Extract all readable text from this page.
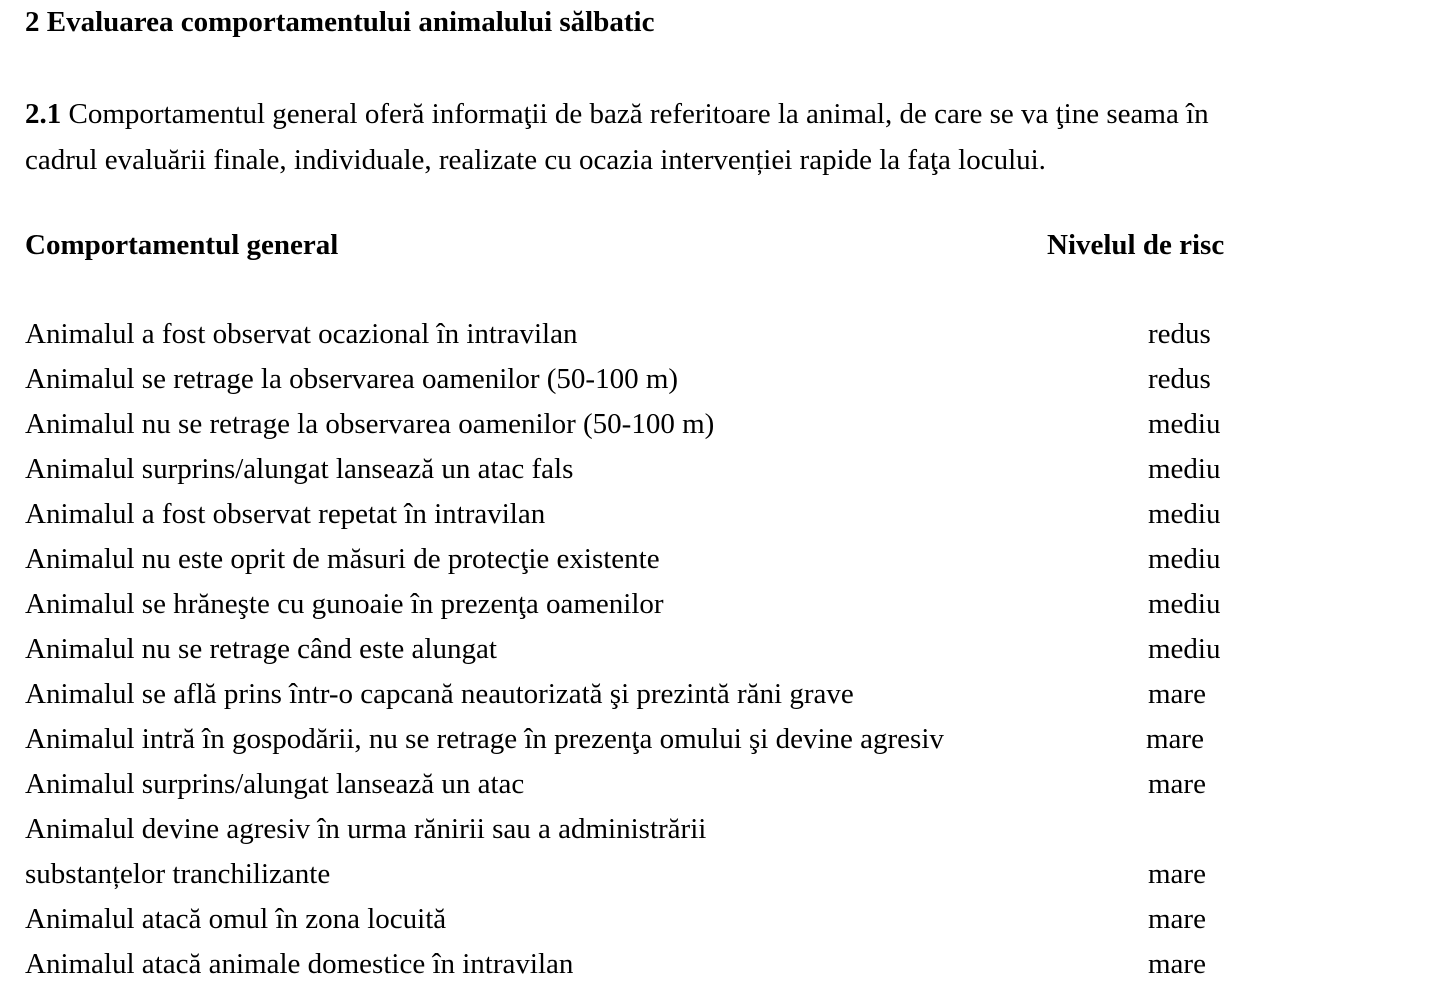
2 Evaluarea comportamentului animalului sălbatic
2.1 Comportamentul general oferă informaţii de bază referitoare la animal, de care se va ţine seama în
cadrul evaluării finale, individuale, realizate cu ocazia intervenției rapide la faţa locului.
Comportamentul general	Nivelul de risc
Animalul a fost observat ocazional în intravilan	redus
Animalul se retrage la observarea oamenilor (50-100 m)	redus
Animalul nu se retrage la observarea oamenilor (50-100 m)	mediu
Animalul surprins/alungat lansează un atac fals	mediu
Animalul a fost observat repetat în intravilan	mediu
Animalul nu este oprit de măsuri de protecţie existente	mediu
Animalul se hrăneşte cu gunoaie în prezenţa oamenilor	mediu
Animalul nu se retrage când este alungat	mediu
Animalul se află prins într-o capcană neautorizată şi prezintă răni grave	mare
Animalul intră în gospodării, nu se retrage în prezenţa omului şi devine agresiv	mare
Animalul surprins/alungat lansează un atac	mare
Animalul devine agresiv în urma rănirii sau a administrării
substanțelor tranchilizante	mare
Animalul atacă omul în zona locuită	mare
Animalul atacă animale domestice în intravilan	mare
